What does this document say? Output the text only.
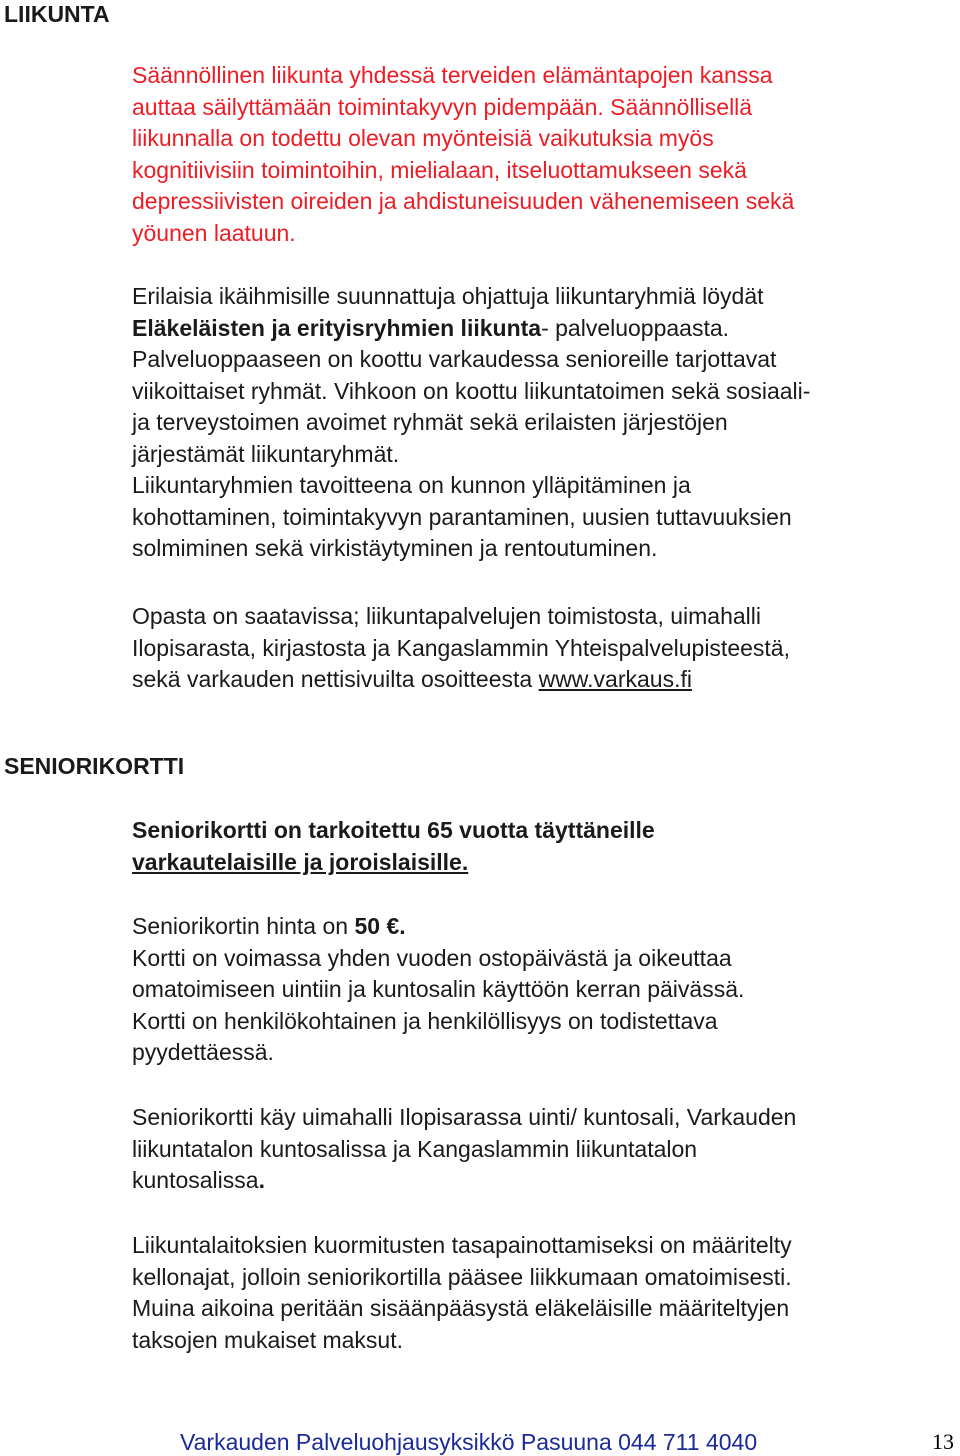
LIIKUNTA
Säännöllinen liikunta yhdessä terveiden elämäntapojen kanssa
auttaa säilyttämään toimintakyvyn pidempään. Säännöllisellä
liikunnalla on todettu olevan myönteisiä vaikutuksia myös
kognitiivisiin toimintoihin, mielialaan, itseluottamukseen sekä
depressiivisten oireiden ja ahdistuneisuuden vähenemiseen sekä
yöunen laatuun.
Erilaisia ikäihmisille suunnattuja ohjattuja liikuntaryhmiä löydät
Eläkeläisten ja erityisryhmien liikunta- palveluoppaasta.
Palveluoppaaseen on koottu varkaudessa senioreille tarjottavat
viikoittaiset ryhmät. Vihkoon on koottu liikuntatoimen sekä sosiaali-
ja terveystoimen avoimet ryhmät sekä erilaisten järjestöjen
järjestämät liikuntaryhmät.
Liikuntaryhmien tavoitteena on kunnon ylläpitäminen ja
kohottaminen, toimintakyvyn parantaminen, uusien tuttavuuksien
solmiminen sekä virkistäytyminen ja rentoutuminen.
Opasta on saatavissa; liikuntapalvelujen toimistosta, uimahalli
Ilopisarasta, kirjastosta ja Kangaslammin Yhteispalvelupisteestä,
sekä varkauden nettisivuilta osoitteesta www.varkaus.fi
SENIORIKORTTI
Seniorikortti on tarkoitettu 65 vuotta täyttäneille
varkautelaisille ja joroislaisille.
Seniorikortin hinta on 50 €.
Kortti on voimassa yhden vuoden ostopäivästä ja oikeuttaa
omatoimiseen uintiin ja kuntosalin käyttöön kerran päivässä.
Kortti on henkilökohtainen ja henkilöllisyys on todistettava
pyydettäessä.
Seniorikortti käy uimahalli Ilopisarassa uinti/ kuntosali, Varkauden
liikuntatalon kuntosalissa ja Kangaslammin liikuntatalon
kuntosalissa.
Liikuntalaitoksien kuormitusten tasapainottamiseksi on määritelty
kellonajat, jolloin seniorikortilla pääsee liikkumaan omatoimisesti.
Muina aikoina peritään sisäänpääsystä eläkeläisille määriteltyjen
taksojen mukaiset maksut.
Varkauden Palveluohjausyksikkö Pasuuna 044 711 4040	13
